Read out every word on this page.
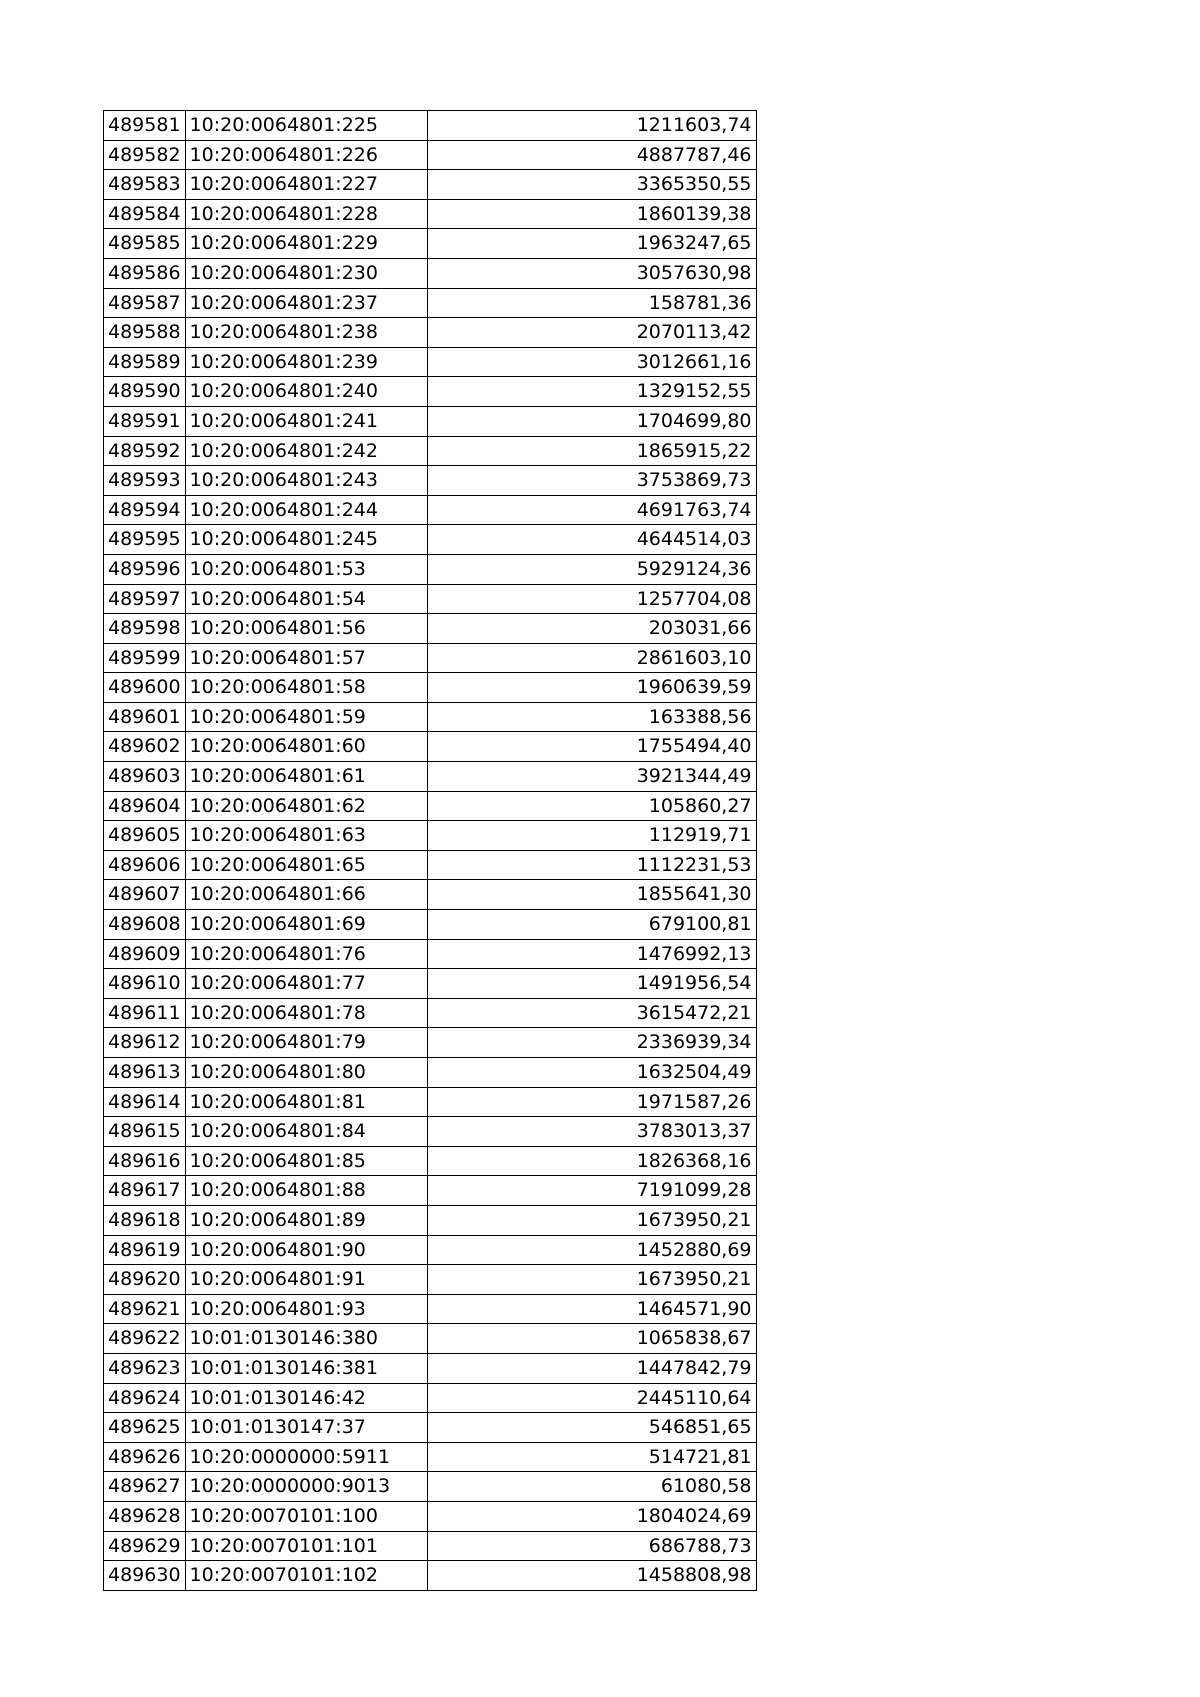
489581	10:20:0064801:225	1211603,74
489582	10:20:0064801:226	4887787,46
489583	10:20:0064801:227	3365350,55
489584	10:20:0064801:228	1860139,38
489585	10:20:0064801:229	1963247,65
489586	10:20:0064801:230	3057630,98
489587	10:20:0064801:237	158781,36
489588	10:20:0064801:238	2070113,42
489589	10:20:0064801:239	3012661,16
489590	10:20:0064801:240	1329152,55
489591	10:20:0064801:241	1704699,80
489592	10:20:0064801:242	1865915,22
489593	10:20:0064801:243	3753869,73
489594	10:20:0064801:244	4691763,74
489595	10:20:0064801:245	4644514,03
489596	10:20:0064801:53	5929124,36
489597	10:20:0064801:54	1257704,08
489598	10:20:0064801:56	203031,66
489599	10:20:0064801:57	2861603,10
489600	10:20:0064801:58	1960639,59
489601	10:20:0064801:59	163388,56
489602	10:20:0064801:60	1755494,40
489603	10:20:0064801:61	3921344,49
489604	10:20:0064801:62	105860,27
489605	10:20:0064801:63	112919,71
489606	10:20:0064801:65	1112231,53
489607	10:20:0064801:66	1855641,30
489608	10:20:0064801:69	679100,81
489609	10:20:0064801:76	1476992,13
489610	10:20:0064801:77	1491956,54
489611	10:20:0064801:78	3615472,21
489612	10:20:0064801:79	2336939,34
489613	10:20:0064801:80	1632504,49
489614	10:20:0064801:81	1971587,26
489615	10:20:0064801:84	3783013,37
489616	10:20:0064801:85	1826368,16
489617	10:20:0064801:88	7191099,28
489618	10:20:0064801:89	1673950,21
489619	10:20:0064801:90	1452880,69
489620	10:20:0064801:91	1673950,21
489621	10:20:0064801:93	1464571,90
489622	10:01:0130146:380	1065838,67
489623	10:01:0130146:381	1447842,79
489624	10:01:0130146:42	2445110,64
489625	10:01:0130147:37	546851,65
489626	10:20:0000000:5911	514721,81
489627	10:20:0000000:9013	61080,58
489628	10:20:0070101:100	1804024,69
489629	10:20:0070101:101	686788,73
489630	10:20:0070101:102	1458808,98
